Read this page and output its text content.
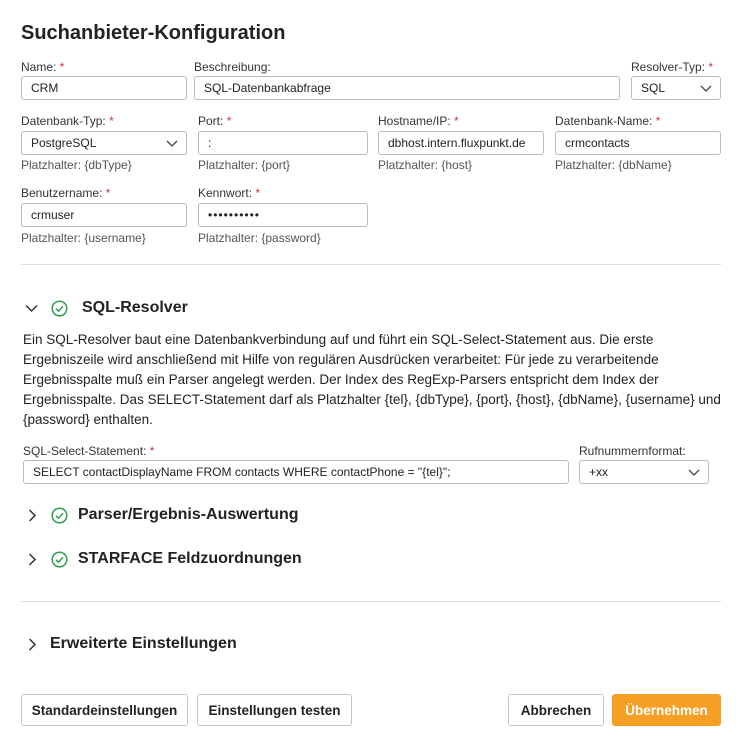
Suchanbieter-Konfiguration
Name: *
CRM
Beschreibung:
SQL-Datenbankabfrage
Resolver-Typ: *
SQL
Datenbank-Typ: *
PostgreSQL
Platzhalter: {dbType}
Port: *
:
Platzhalter: {port}
Hostname/IP: *
dbhost.intern.fluxpunkt.de
Platzhalter: {host}
Datenbank-Name: *
crmcontacts
Platzhalter: {dbName}
Benutzername: *
crmuser
Platzhalter: {username}
Kennwort: *
••••••••••
Platzhalter: {password}
SQL-Resolver
Ein SQL-Resolver baut eine Datenbankverbindung auf und führt ein SQL-Select-Statement aus. Die erste Ergebniszeile wird anschließend mit Hilfe von regulären Ausdrücken verarbeitet: Für jede zu verarbeitende Ergebnisspalte muß ein Parser angelegt werden. Der Index des RegExp-Parsers entspricht dem Index der Ergebnisspalte. Das SELECT-Statement darf als Platzhalter {tel}, {dbType}, {port}, {host}, {dbName}, {username} und {password} enthalten.
SQL-Select-Statement: *
SELECT contactDisplayName FROM contacts WHERE contactPhone = "{tel}";
Rufnummernformat:
+xx
Parser/Ergebnis-Auswertung
STARFACE Feldzuordnungen
Erweiterte Einstellungen
Standardeinstellungen	Einstellungen testen	Abbrechen	Übernehmen
